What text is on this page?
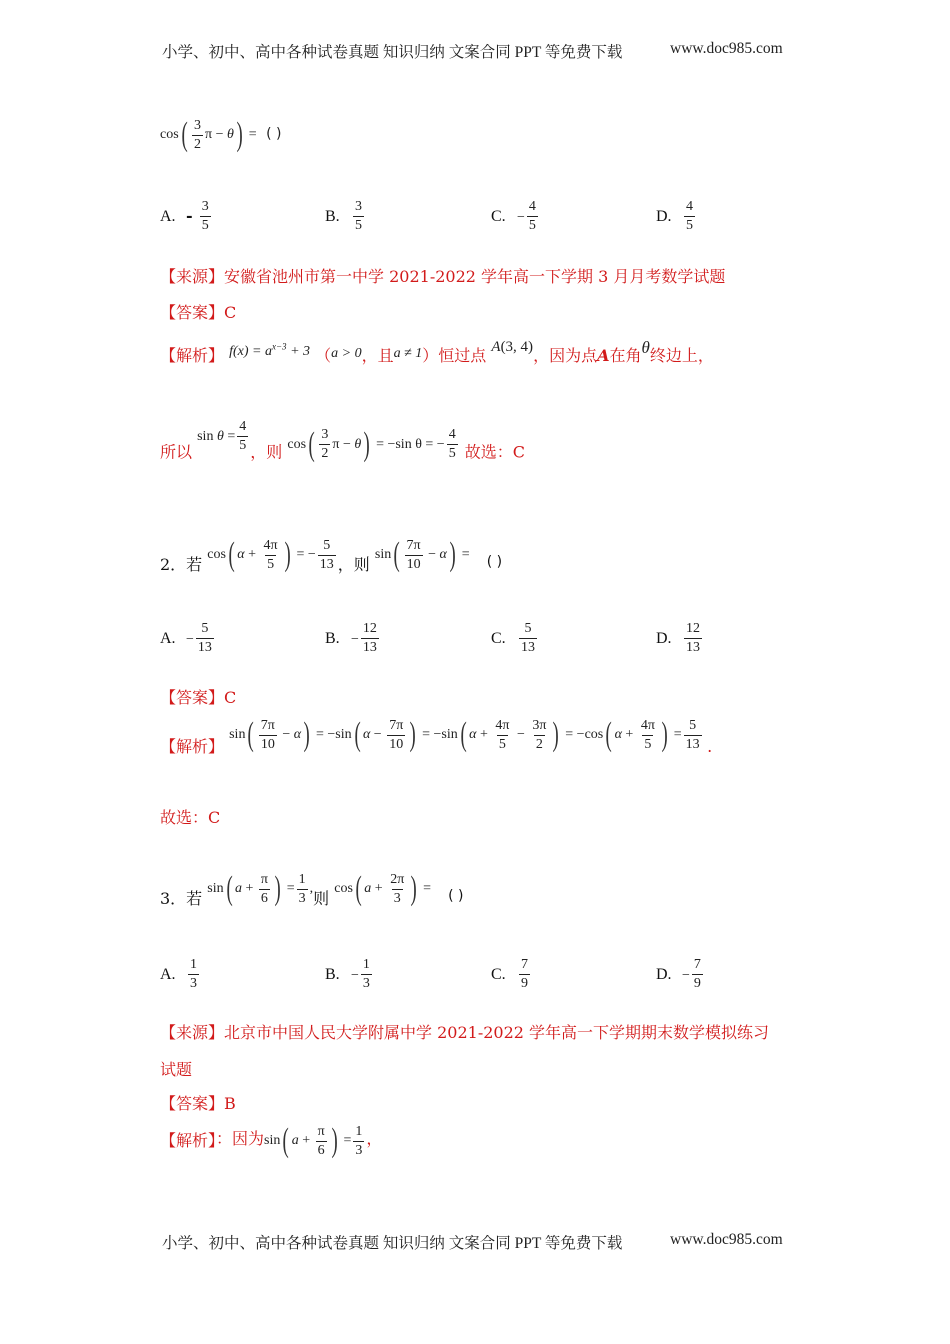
小学、初中、高中各种试卷真题 知识归纳 文案合同 PPT 等免费下载	www.doc985.com
$\cos( \frac{3}{2}$ π − θ) = ( )
A. - $\frac{3}{5}$	B. $\frac{3}{5}$	C. − $\frac{4}{5}$	D. $\frac{4}{5}$
【来源】安徽省池州市第一中学 2021-2022 学年高一下学期 3 月月考数学试题
【答案】C
【解析】 $f(x) = a^{x-3} + 3$ （a > 0，且a ≠ 1）恒过点 A(3, 4)，因为点A在角θ终边上，
所以 $\sin \theta = \frac{4}{5}$ ，则 $\cos( \frac{3}{2}$ π − θ) = −sin θ = − $\frac{4}{5}$ 故选：C
2．若 cos( $\alpha + \frac{4\pi}{5}$ ) = − $\frac{5}{13}$ ，则 $\sin( \frac{7\pi}{10} - \alpha)$ = ( )
A. − $\frac{5}{13}$	B. − $\frac{12}{13}$	C. $\frac{5}{13}$	D. $\frac{12}{13}$
【答案】C
【解析】 $\sin( \frac{7\pi}{10} - \alpha) = -\sin$( $\alpha - \frac{7\pi}{10}$ ) = −sin( $\alpha + \frac{4\pi}{5} - \frac{3\pi}{2}$ ) = −cos( $\alpha + \frac{4\pi}{5}$ ) = $\frac{5}{13}$ .
故选：C
3．若 sin( $a + \frac{\pi}{6}$ ) = $\frac{1}{3}$ ,则 cos( $a + \frac{2\pi}{3}$ ) = ( )
A. $\frac{1}{3}$	B. − $\frac{1}{3}$	C. $\frac{7}{9}$	D. − $\frac{7}{9}$
【来源】北京市中国人民大学附属中学 2021-2022 学年高一下学期期末数学模拟练习
试题
【答案】B
【解析】：因为sin( $a + \frac{\pi}{6}$ ) = $\frac{1}{3}$ ，
小学、初中、高中各种试卷真题 知识归纳 文案合同 PPT 等免费下载	www.doc985.com
